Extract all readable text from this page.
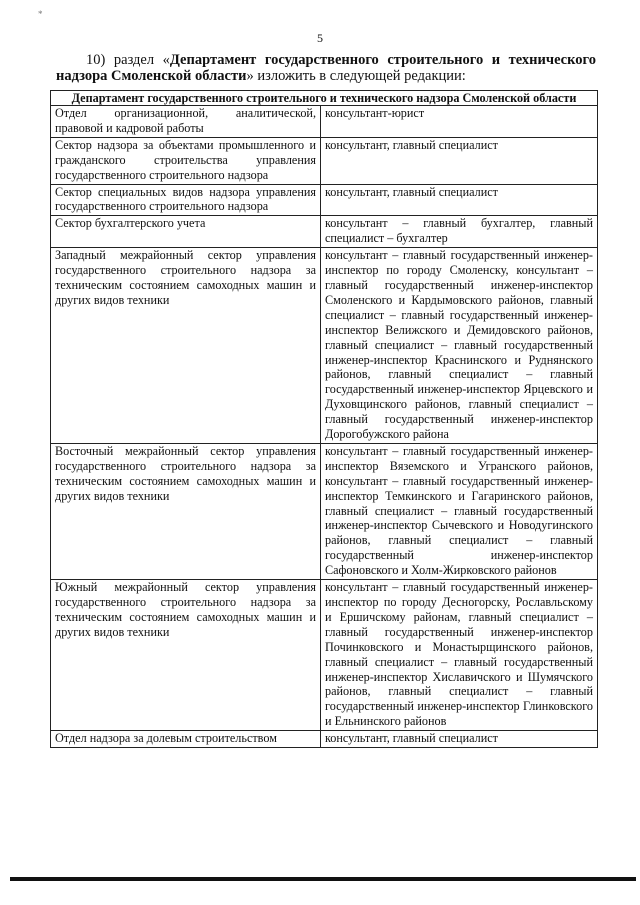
*
5
10) раздел «Департамент государственного строительного и технического надзора Смоленской области» изложить в следующей редакции:
Департамент государственного строительного и технического надзора Смоленской области	
Отдел организационной, аналитической, правовой и кадровой работы	консультант-юрист
Сектор надзора за объектами промышленного и гражданского строительства управления государственного строительного надзора	консультант, главный специалист
Сектор специальных видов надзора управления государственного строительного надзора	консультант, главный специалист
Сектор бухгалтерского учета	консультант – главный бухгалтер, главный специалист – бухгалтер
Западный межрайонный сектор управления государственного строительного надзора за техническим состоянием самоходных машин и других видов техники	консультант – главный государственный инженер-инспектор по городу Смоленску, консультант – главный государственный инженер-инспектор Смоленского и Кардымовского районов, главный специалист – главный государственный инженер-инспектор Велижского и Демидовского районов, главный специалист – главный государственный инженер-инспектор Краснинского и Руднянского районов, главный специалист – главный государственный инженер-инспектор Ярцевского и Духовщинского районов, главный специалист – главный государственный инженер-инспектор Дорогобужского района
Восточный межрайонный сектор управления государственного строительного надзора за техническим состоянием самоходных машин и других видов техники	консультант – главный государственный инженер-инспектор Вяземского и Угранского районов, консультант – главный государственный инженер-инспектор Темкинского и Гагаринского районов, главный специалист – главный государственный инженер-инспектор Сычевского и Новодугинского районов, главный специалист – главный государственный инженер-инспектор Сафоновского и Холм-Жирковского районов
Южный межрайонный сектор управления государственного строительного надзора за техническим состоянием самоходных машин и других видов техники	консультант – главный государственный инженер-инспектор по городу Десногорску, Рославльскому и Ершичскому районам, главный специалист – главный государственный инженер-инспектор Починковского и Монастырщинского районов, главный специалист – главный государственный инженер-инспектор Хиславичского и Шумячского районов, главный специалист – главный государственный инженер-инспектор Глинковского и Ельнинского районов
Отдел надзора за долевым строительством	консультант, главный специалист
